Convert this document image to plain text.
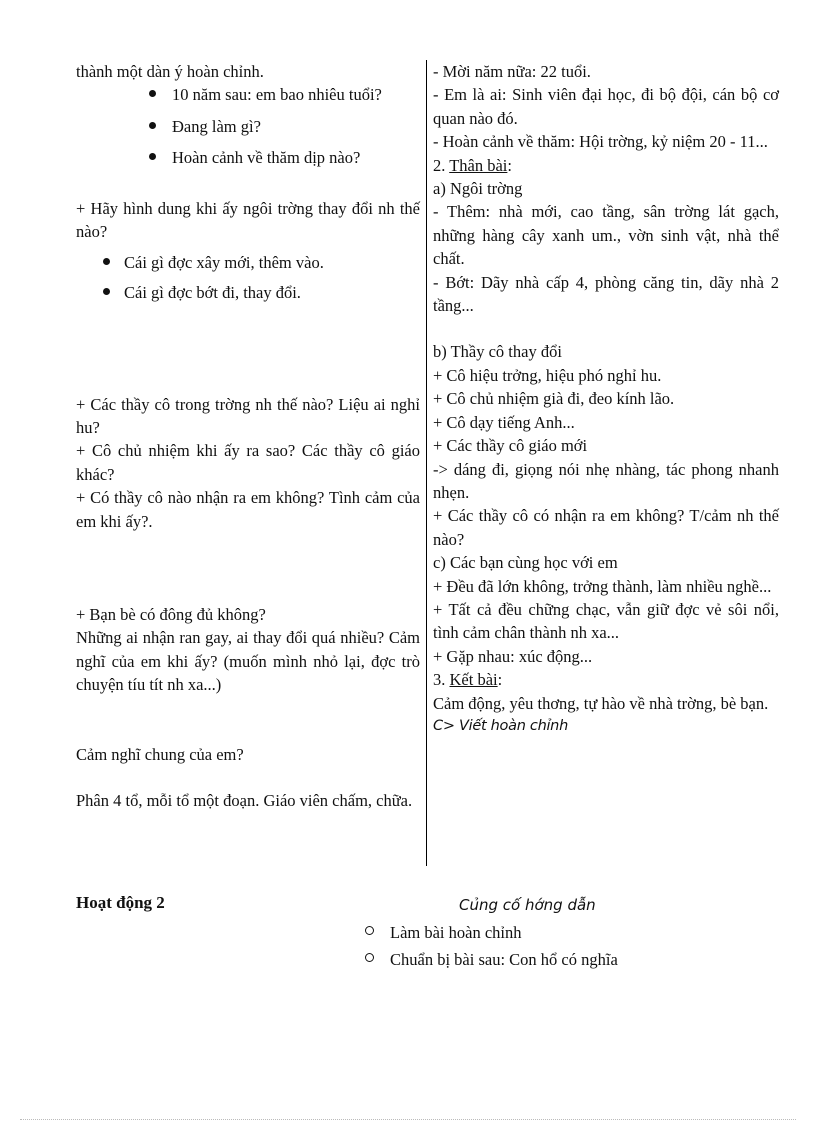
thành một dàn ý hoàn chỉnh.

10 năm sau: em bao nhiêu tuổi?

Đang làm gì?

Hoàn cảnh về thăm dịp nào?

+ Hãy hình dung khi ấy ngôi trờng thay đổi nh thế nào?

Cái gì đợc xây mới, thêm vào.

Cái gì đợc bớt đi, thay đổi.

+ Các thầy cô trong trờng nh thế nào? Liệu ai nghỉ hu?

+ Cô chủ nhiệm khi ấy ra sao? Các thầy cô giáo khác?

+ Có thầy cô nào nhận ra em không? Tình cảm của em khi ấy?.

+ Bạn bè có đông đủ không?

Những ai nhận ran gay, ai thay đổi quá nhiều? Cảm nghĩ của em khi ấy? (muốn mình nhỏ lại, đợc trò chuyện tíu tít nh xa...)

Cảm nghĩ chung của em?

Phân 4 tổ, mỗi tổ một đoạn. Giáo viên chấm, chữa.

- Mời năm nữa: 22 tuổi.

- Em là ai: Sinh viên đại học, đi bộ đội, cán bộ cơ quan nào đó.

- Hoàn cảnh về thăm: Hội trờng, kỷ niệm 20 - 11...

2. Thân bài:

a) Ngôi trờng

- Thêm: nhà mới, cao tầng, sân trờng lát gạch, những hàng cây xanh um., vờn sinh vật, nhà thể chất.

- Bớt: Dãy nhà cấp 4, phòng căng tin, dãy nhà 2 tầng...

b) Thầy cô thay đổi

+ Cô hiệu trởng, hiệu phó nghỉ hu.

+ Cô chủ nhiệm già đi, đeo kính lão.

+ Cô dạy tiếng Anh...

+ Các thầy cô giáo mới

-> dáng đi, giọng nói nhẹ nhàng, tác phong nhanh nhẹn.

+ Các thầy cô có nhận ra em không? T/cảm nh thế nào?

c) Các bạn cùng học với em

+ Đều đã lớn không, trởng thành, làm nhiều nghề...

+ Tất cả đều chững chạc, vẫn giữ đợc vẻ sôi nổi, tình cảm chân thành nh xa...

+ Gặp nhau: xúc động...

3. Kết bài:

Cảm động, yêu thơng, tự hào về nhà trờng, bè bạn.

C> Viết hoàn chỉnh

Hoạt động 2	Củng cố hớng dẫn
Làm bài hoàn chỉnh
Chuẩn bị bài sau: Con hổ có nghĩa
